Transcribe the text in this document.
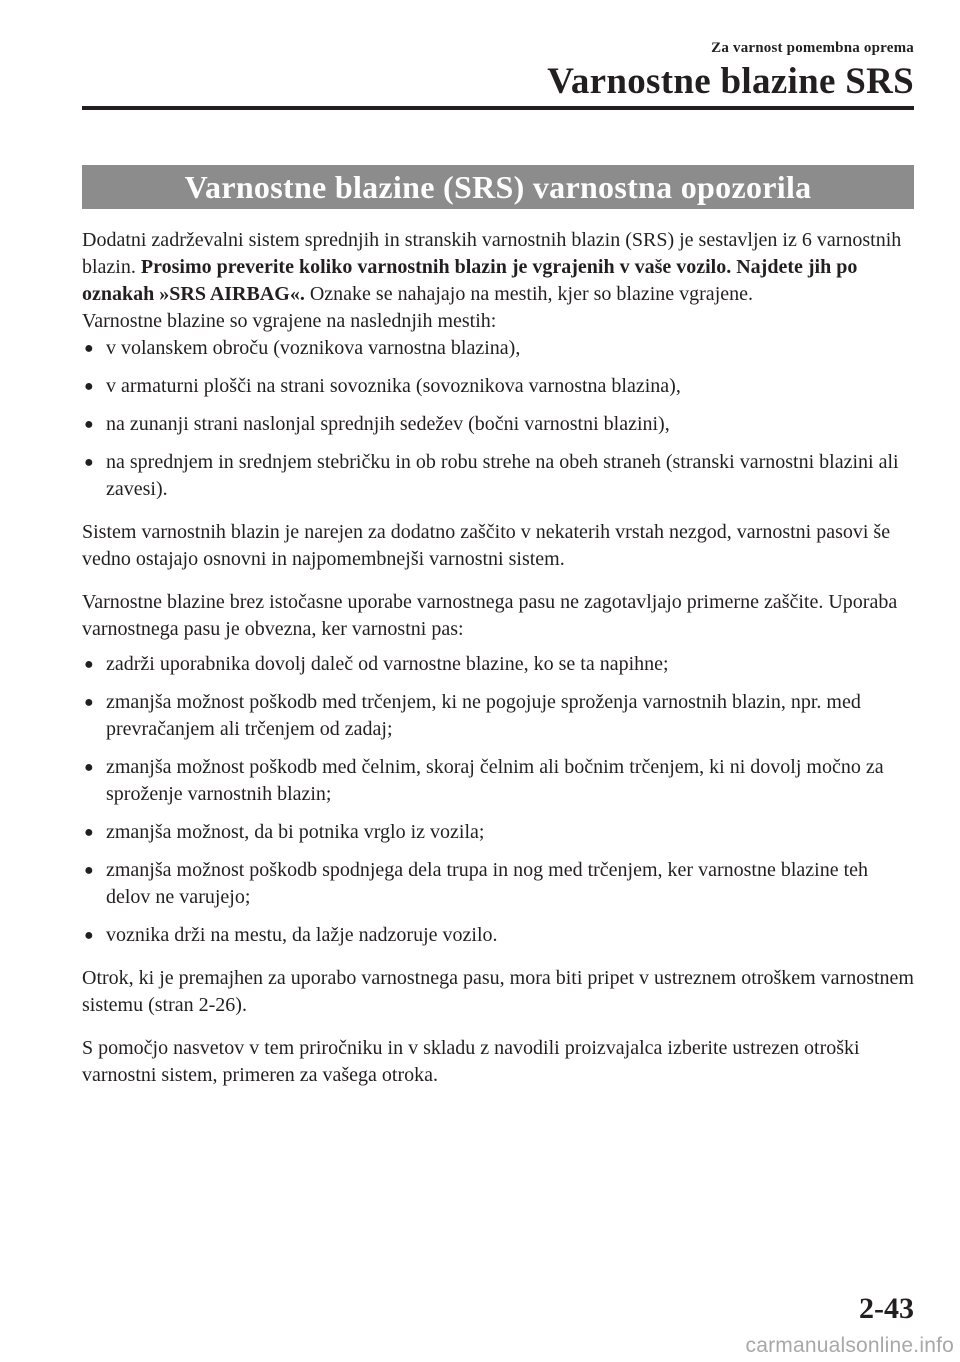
Za varnost pomembna oprema
Varnostne blazine SRS
Varnostne blazine (SRS) varnostna opozorila

Dodatni zadrževalni sistem sprednjih in stranskih varnostnih blazin (SRS) je sestavljen iz 6 varnostnih blazin. Prosimo preverite koliko varnostnih blazin je vgrajenih v vaše vozilo. Najdete jih po oznakah »SRS AIRBAG«. Oznake se nahajajo na mestih, kjer so blazine vgrajene.

Varnostne blazine so vgrajene na naslednjih mestih:

● v volanskem obroču (voznikova varnostna blazina),
● v armaturni plošči na strani sovoznika (sovoznikova varnostna blazina),
● na zunanji strani naslonjal sprednjih sedežev (bočni varnostni blazini),
● na sprednjem in srednjem stebričku in ob robu strehe na obeh straneh (stranski varnostni blazini ali zavesi).

Sistem varnostnih blazin je narejen za dodatno zaščito v nekaterih vrstah nezgod, varnostni pasovi še vedno ostajajo osnovni in najpomembnejši varnostni sistem.

Varnostne blazine brez istočasne uporabe varnostnega pasu ne zagotavljajo primerne zaščite. Uporaba varnostnega pasu je obvezna, ker varnostni pas:

● zadrži uporabnika dovolj daleč od varnostne blazine, ko se ta napihne;
● zmanjša možnost poškodb med trčenjem, ki ne pogojuje sproženja varnostnih blazin, npr. med prevračanjem ali trčenjem od zadaj;
● zmanjša možnost poškodb med čelnim, skoraj čelnim ali bočnim trčenjem, ki ni dovolj močno za sproženje varnostnih blazin;
● zmanjša možnost, da bi potnika vrglo iz vozila;
● zmanjša možnost poškodb spodnjega dela trupa in nog med trčenjem, ker varnostne blazine teh delov ne varujejo;
● voznika drži na mestu, da lažje nadzoruje vozilo.

Otrok, ki je premajhen za uporabo varnostnega pasu, mora biti pripet v ustreznem otroškem varnostnem sistemu (stran 2-26).

S pomočjo nasvetov v tem priročniku in v skladu z navodili proizvajalca izberite ustrezen otroški varnostni sistem, primeren za vašega otroka.

2-43
carmanualsonline.info
